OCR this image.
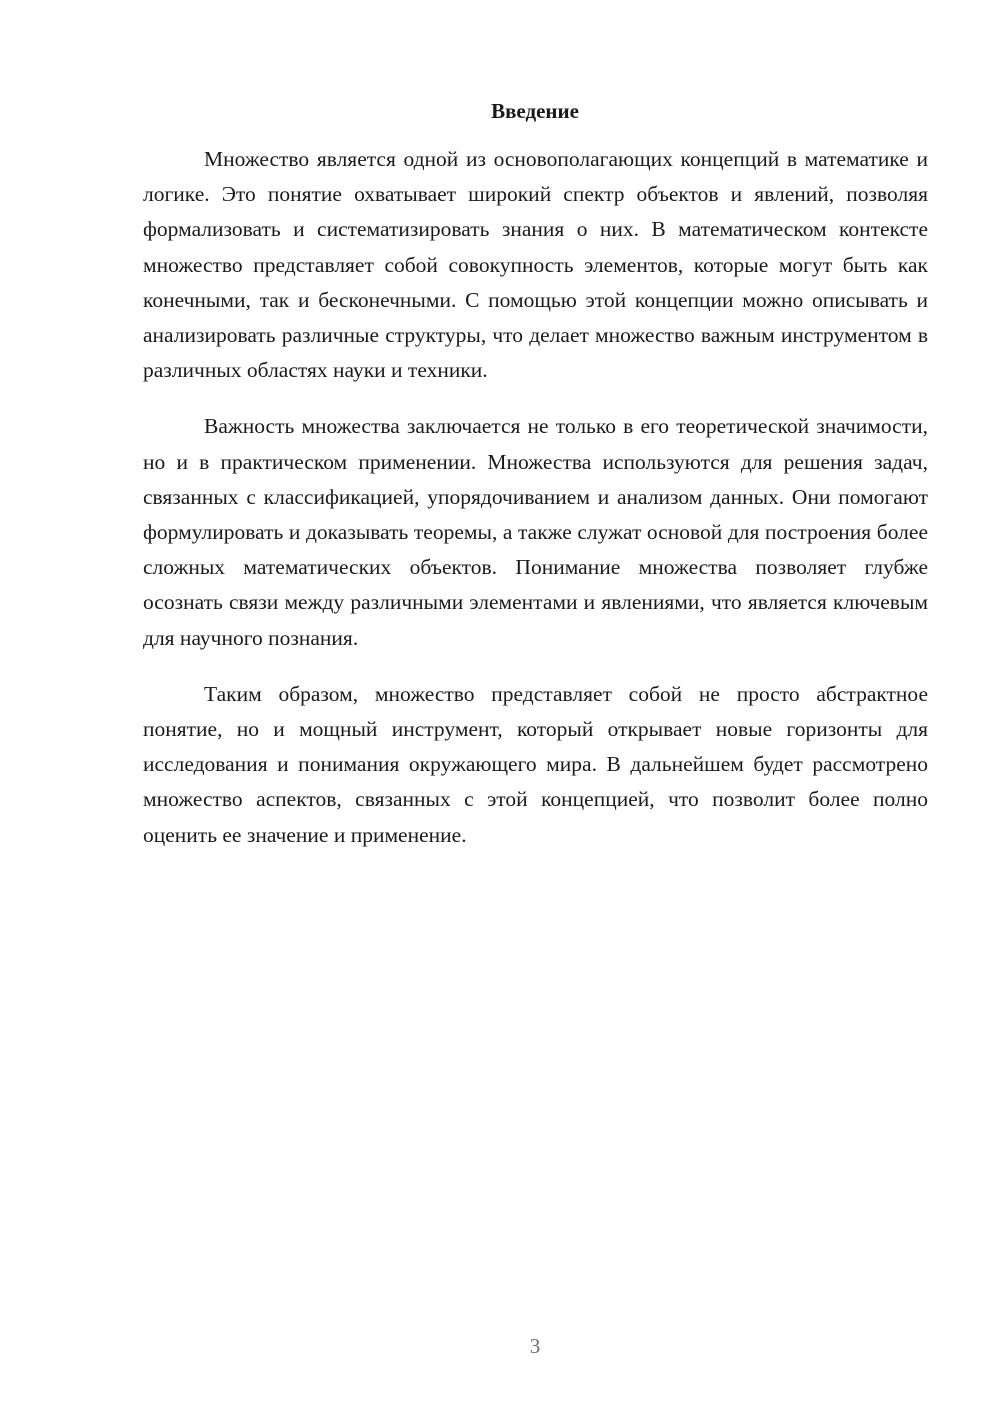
Введение

Множество является одной из основополагающих концепций в математике и логике. Это понятие охватывает широкий спектр объектов и явлений, позволяя формализовать и систематизировать знания о них. В математическом контексте множество представляет собой совокупность элементов, которые могут быть как конечными, так и бесконечными. С помощью этой концепции можно описывать и анализировать различные структуры, что делает множество важным инструментом в различных областях науки и техники.

Важность множества заключается не только в его теоретической значимости, но и в практическом применении. Множества используются для решения задач, связанных с классификацией, упорядочиванием и анализом данных. Они помогают формулировать и доказывать теоремы, а также служат основой для построения более сложных математических объектов. Понимание множества позволяет глубже осознать связи между различными элементами и явлениями, что является ключевым для научного познания.

Таким образом, множество представляет собой не просто абстрактное понятие, но и мощный инструмент, который открывает новые горизонты для исследования и понимания окружающего мира. В дальнейшем будет рассмотрено множество аспектов, связанных с этой концепцией, что позволит более полно оценить ее значение и применение.

3
